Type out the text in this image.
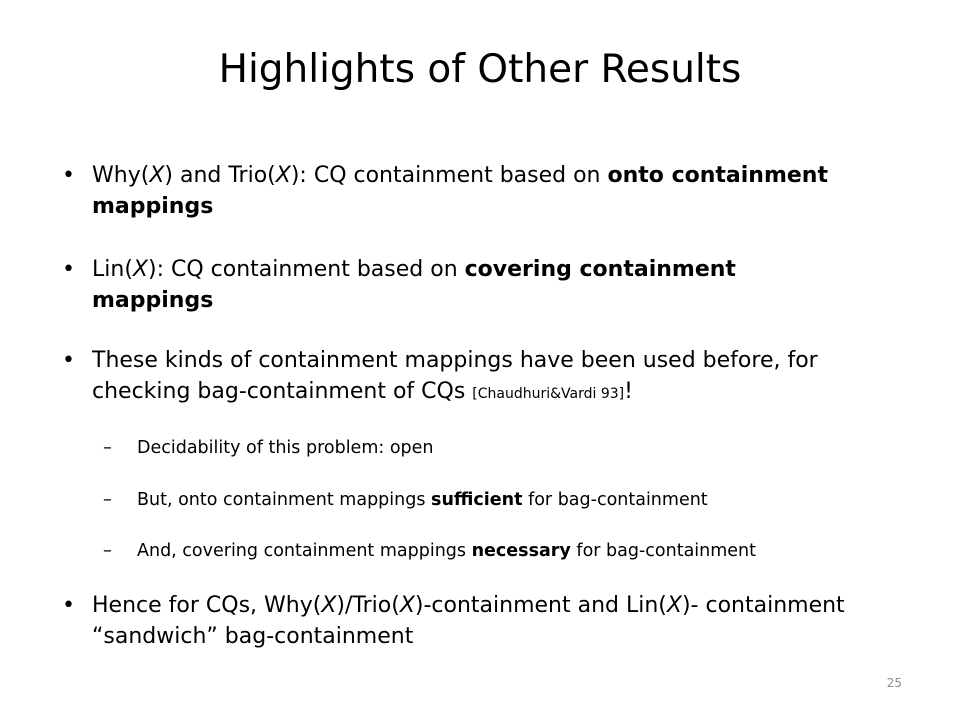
Highlights of Other Results
• Why(X) and Trio(X): CQ containment based on onto containment mappings
• Lin(X): CQ containment based on covering containment mappings
• These kinds of containment mappings have been used before, for checking bag-containment of CQs [Chaudhuri&Vardi 93]!
– Decidability of this problem: open
– But, onto containment mappings sufficient for bag-containment
– And, covering containment mappings necessary for bag-containment
• Hence for CQs, Why(X)/Trio(X)-containment and Lin(X)- containment “sandwich” bag-containment
25
